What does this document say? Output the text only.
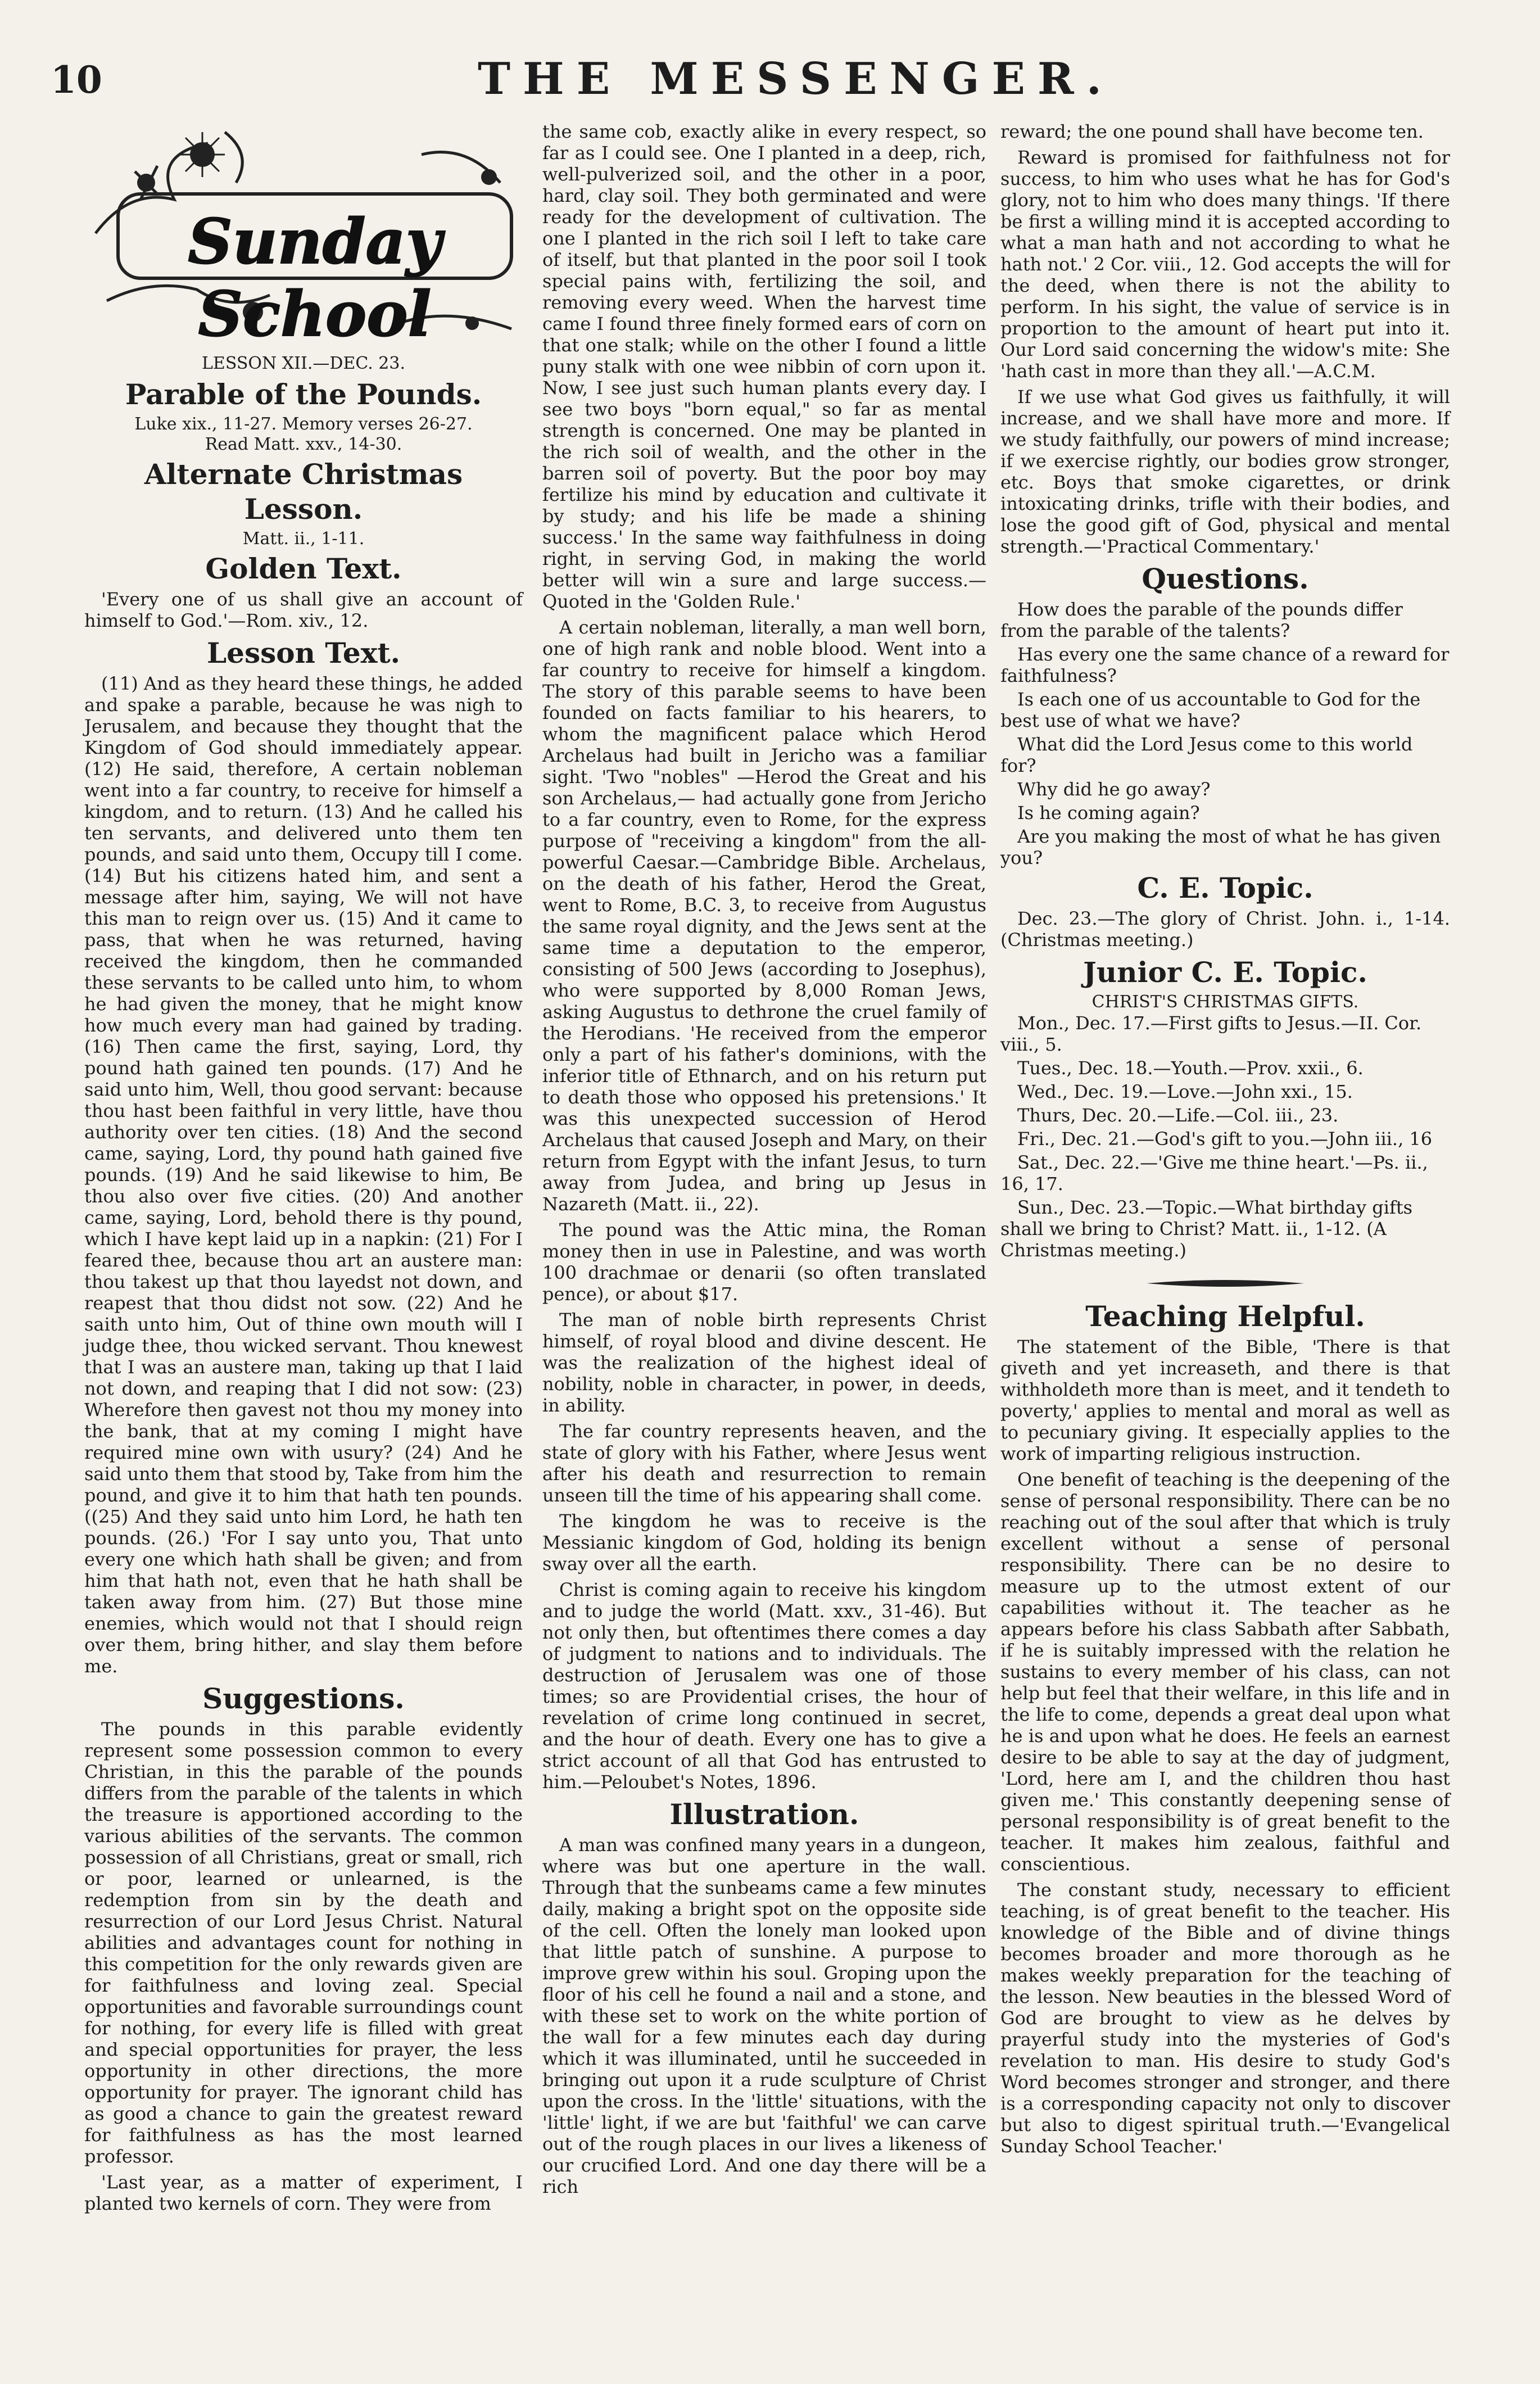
10	THE MESSENGER.
Sunday School
LESSON XII.—DEC. 23.
Parable of the Pounds.
Luke xix., 11-27. Memory verses 26-27.
Read Matt. xxv., 14-30.
Alternate Christmas Lesson.
Matt. ii., 1-11.
Golden Text.

'Every one of us shall give an account of himself to God.'—Rom. xiv., 12.

Lesson Text.

(11) And as they heard these things, he added and spake a parable, because he was nigh to Jerusalem, and because they thought that the Kingdom of God should immediately appear. (12) He said, therefore, A certain nobleman went into a far country, to receive for himself a kingdom, and to return. (13) And he called his ten servants, and delivered unto them ten pounds, and said unto them, Occupy till I come. (14) But his citizens hated him, and sent a message after him, saying, We will not have this man to reign over us. (15) And it came to pass, that when he was returned, having received the kingdom, then he commanded these servants to be called unto him, to whom he had given the money, that he might know how much every man had gained by trading. (16) Then came the first, saying, Lord, thy pound hath gained ten pounds. (17) And he said unto him, Well, thou good servant: because thou hast been faithful in very little, have thou authority over ten cities. (18) And the second came, saying, Lord, thy pound hath gained five pounds. (19) And he said likewise to him, Be thou also over five cities. (20) And another came, saying, Lord, behold there is thy pound, which I have kept laid up in a napkin: (21) For I feared thee, because thou art an austere man: thou takest up that thou layedst not down, and reapest that thou didst not sow. (22) And he saith unto him, Out of thine own mouth will I judge thee, thou wicked servant. Thou knewest that I was an austere man, taking up that I laid not down, and reaping that I did not sow: (23) Wherefore then gavest not thou my money into the bank, that at my coming I might have required mine own with usury? (24) And he said unto them that stood by, Take from him the pound, and give it to him that hath ten pounds. ((25) And they said unto him Lord, he hath ten pounds. (26.) 'For I say unto you, That unto every one which hath shall be given; and from him that hath not, even that he hath shall be taken away from him. (27) But those mine enemies, which would not that I should reign over them, bring hither, and slay them before me.

Suggestions.

The pounds in this parable evidently represent some possession common to every Christian, in this the parable of the pounds differs from the parable of the talents in which the treasure is apportioned according to the various abilities of the servants. The common possession of all Christians, great or small, rich or poor, learned or unlearned, is the redemption from sin by the death and resurrection of our Lord Jesus Christ. Natural abilities and advantages count for nothing in this competition for the only rewards given are for faithfulness and loving zeal. Special opportunities and favorable surroundings count for nothing, for every life is filled with great and special opportunities for prayer, the less opportunity in other directions, the more opportunity for prayer. The ignorant child has as good a chance to gain the greatest reward for faithfulness as has the most learned professor.

'Last year, as a matter of experiment, I planted two kernels of corn. They were from

the same cob, exactly alike in every respect, so far as I could see. One I planted in a deep, rich, well-pulverized soil, and the other in a poor, hard, clay soil. They both germinated and were ready for the development of cultivation. The one I planted in the rich soil I left to take care of itself, but that planted in the poor soil I took special pains with, fertilizing the soil, and removing every weed. When the harvest time came I found three finely formed ears of corn on that one stalk; while on the other I found a little puny stalk with one wee nibbin of corn upon it. Now, I see just such human plants every day. I see two boys "born equal," so far as mental strength is concerned. One may be planted in the rich soil of wealth, and the other in the barren soil of poverty. But the poor boy may fertilize his mind by education and cultivate it by study; and his life be made a shining success.' In the same way faithfulness in doing right, in serving God, in making the world better will win a sure and large success.—Quoted in the 'Golden Rule.'

A certain nobleman, literally, a man well born, one of high rank and noble blood. Went into a far country to receive for himself a kingdom. The story of this parable seems to have been founded on facts familiar to his hearers, to whom the magnificent palace which Herod Archelaus had built in Jericho was a familiar sight. 'Two "nobles" —Herod the Great and his son Archelaus,— had actually gone from Jericho to a far country, even to Rome, for the express purpose of "receiving a kingdom" from the all-powerful Caesar.—Cambridge Bible. Archelaus, on the death of his father, Herod the Great, went to Rome, B.C. 3, to receive from Augustus the same royal dignity, and the Jews sent at the same time a deputation to the emperor, consisting of 500 Jews (according to Josephus), who were supported by 8,000 Roman Jews, asking Augustus to dethrone the cruel family of the Herodians. 'He received from the emperor only a part of his father's dominions, with the inferior title of Ethnarch, and on his return put to death those who opposed his pretensions.' It was this unexpected succession of Herod Archelaus that caused Joseph and Mary, on their return from Egypt with the infant Jesus, to turn away from Judea, and bring up Jesus in Nazareth (Matt. ii., 22).

The pound was the Attic mina, the Roman money then in use in Palestine, and was worth 100 drachmae or denarii (so often translated pence), or about $17.

The man of noble birth represents Christ himself, of royal blood and divine descent. He was the realization of the highest ideal of nobility, noble in character, in power, in deeds, in ability.

The far country represents heaven, and the state of glory with his Father, where Jesus went after his death and resurrection to remain unseen till the time of his appearing shall come.

The kingdom he was to receive is the Messianic kingdom of God, holding its benign sway over all the earth.

Christ is coming again to receive his kingdom and to judge the world (Matt. xxv., 31-46). But not only then, but oftentimes there comes a day of judgment to nations and to individuals. The destruction of Jerusalem was one of those times; so are Providential crises, the hour of revelation of crime long continued in secret, and the hour of death. Every one has to give a strict account of all that God has entrusted to him.—Peloubet's Notes, 1896.

Illustration.

A man was confined many years in a dungeon, where was but one aperture in the wall. Through that the sunbeams came a few minutes daily, making a bright spot on the opposite side of the cell. Often the lonely man looked upon that little patch of sunshine. A purpose to improve grew within his soul. Groping upon the floor of his cell he found a nail and a stone, and with these set to work on the white portion of the wall for a few minutes each day during which it was illuminated, until he succeeded in bringing out upon it a rude sculpture of Christ upon the cross. In the 'little' situations, with the 'little' light, if we are but 'faithful' we can carve out of the rough places in our lives a likeness of our crucified Lord. And one day there will be a rich

reward; the one pound shall have become ten.

Reward is promised for faithfulness not for success, to him who uses what he has for God's glory, not to him who does many things. 'If there be first a willing mind it is accepted according to what a man hath and not according to what he hath not.' 2 Cor. viii., 12. God accepts the will for the deed, when there is not the ability to perform. In his sight, the value of service is in proportion to the amount of heart put into it. Our Lord said concerning the widow's mite: She 'hath cast in more than they all.'—A.C.M.

If we use what God gives us faithfully, it will increase, and we shall have more and more. If we study faithfully, our powers of mind increase; if we exercise rightly, our bodies grow stronger, etc. Boys that smoke cigarettes, or drink intoxicating drinks, trifle with their bodies, and lose the good gift of God, physical and mental strength.—'Practical Commentary.'

Questions.
How does the parable of the pounds differ from the parable of the talents?
Has every one the same chance of a reward for faithfulness?
Is each one of us accountable to God for the best use of what we have?
What did the Lord Jesus come to this world for?
Why did he go away?
Is he coming again?
Are you making the most of what he has given you?
C. E. Topic.

Dec. 23.—The glory of Christ. John. i., 1-14. (Christmas meeting.)

Junior C. E. Topic.
CHRIST'S CHRISTMAS GIFTS.
Mon., Dec. 17.—First gifts to Jesus.—II. Cor. viii., 5.
Tues., Dec. 18.—Youth.—Prov. xxii., 6.
Wed., Dec. 19.—Love.—John xxi., 15.
Thurs, Dec. 20.—Life.—Col. iii., 23.
Fri., Dec. 21.—God's gift to you.—John iii., 16
Sat., Dec. 22.—'Give me thine heart.'—Ps. ii., 16, 17.
Sun., Dec. 23.—Topic.—What birthday gifts shall we bring to Christ? Matt. ii., 1-12. (A Christmas meeting.)
Teaching Helpful.

The statement of the Bible, 'There is that giveth and yet increaseth, and there is that withholdeth more than is meet, and it tendeth to poverty,' applies to mental and moral as well as to pecuniary giving. It especially applies to the work of imparting religious instruction.

One benefit of teaching is the deepening of the sense of personal responsibility. There can be no reaching out of the soul after that which is truly excellent without a sense of personal responsibility. There can be no desire to measure up to the utmost extent of our capabilities without it. The teacher as he appears before his class Sabbath after Sabbath, if he is suitably impressed with the relation he sustains to every member of his class, can not help but feel that their welfare, in this life and in the life to come, depends a great deal upon what he is and upon what he does. He feels an earnest desire to be able to say at the day of judgment, 'Lord, here am I, and the children thou hast given me.' This constantly deepening sense of personal responsibility is of great benefit to the teacher. It makes him zealous, faithful and conscientious.

The constant study, necessary to efficient teaching, is of great benefit to the teacher. His knowledge of the Bible and of divine things becomes broader and more thorough as he makes weekly preparation for the teaching of the lesson. New beauties in the blessed Word of God are brought to view as he delves by prayerful study into the mysteries of God's revelation to man. His desire to study God's Word becomes stronger and stronger, and there is a corresponding capacity not only to discover but also to digest spiritual truth.—'Evangelical Sunday School Teacher.'
